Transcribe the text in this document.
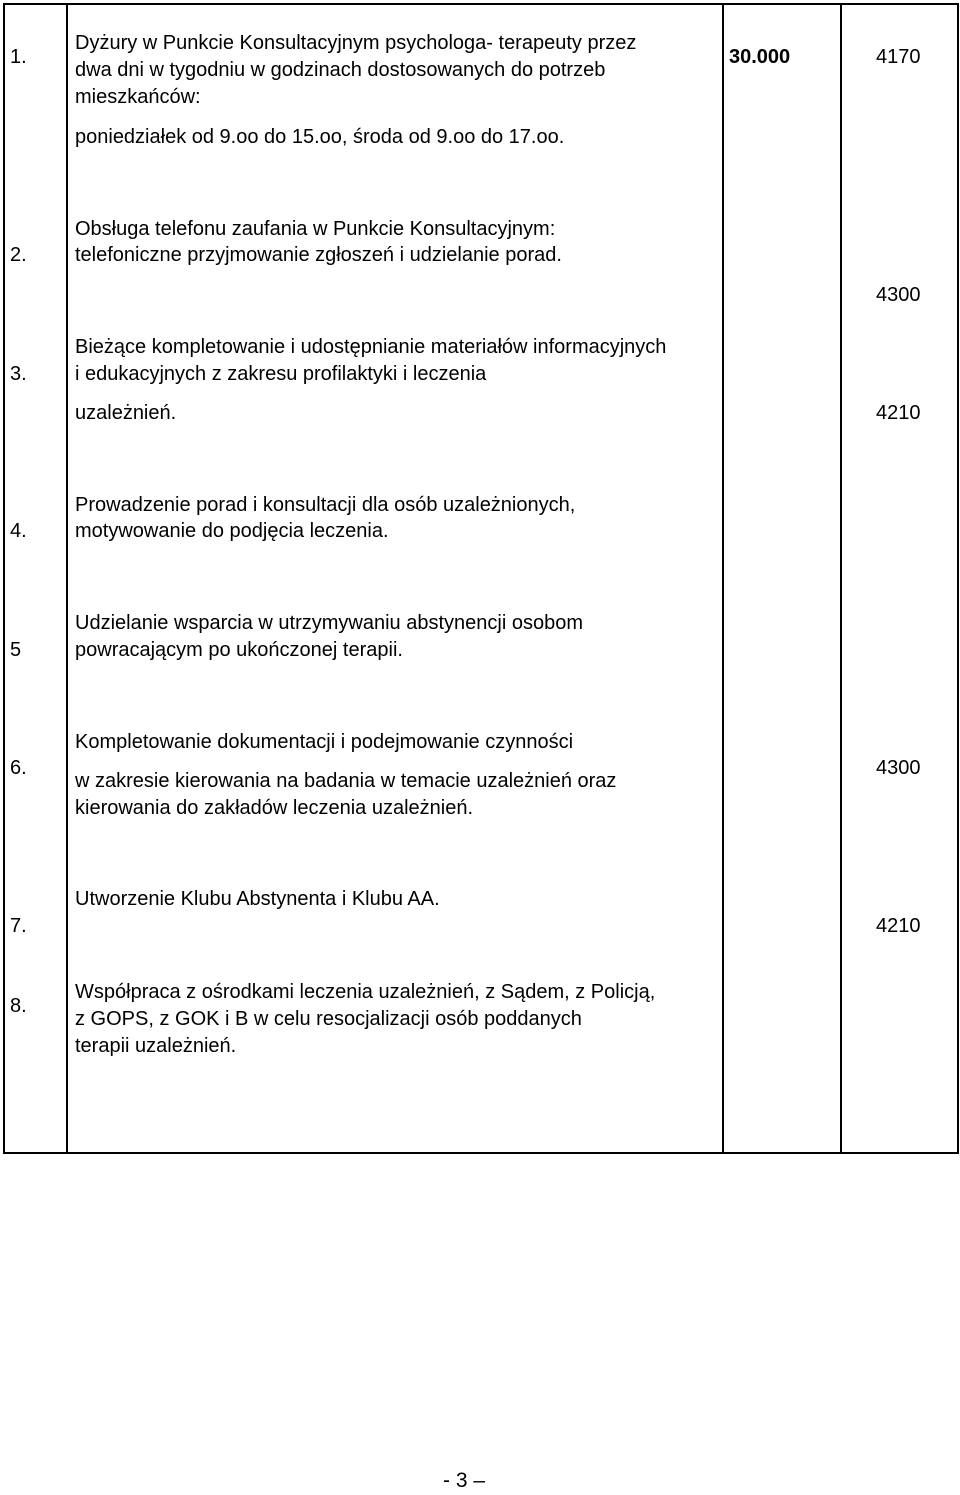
1.
Dyżury w Punkcie Konsultacyjnym psychologa- terapeuty przez
dwa dni w tygodniu w godzinach dostosowanych do potrzeb
mieszkańców:
poniedziałek od 9.oo do 15.oo, środa od 9.oo do 17.oo.
30.000	4170
2.
Obsługa telefonu zaufania w Punkcie Konsultacyjnym:
telefoniczne przyjmowanie zgłoszeń i udzielanie porad.
4300
3.
Bieżące kompletowanie i udostępnianie materiałów informacyjnych
i edukacyjnych z zakresu profilaktyki i leczenia
uzależnień.	4210
4.
Prowadzenie porad i konsultacji dla osób uzależnionych,
motywowanie do podjęcia leczenia.
5
Udzielanie wsparcia w utrzymywaniu abstynencji osobom
powracającym po ukończonej terapii.
6.
Kompletowanie dokumentacji i podejmowanie czynności
w zakresie kierowania na badania w temacie uzależnień oraz
kierowania do zakładów leczenia uzależnień.
4300
7.
Utworzenie Klubu Abstynenta i Klubu AA.
4210
8.
Współpraca z ośrodkami leczenia uzależnień, z Sądem, z Policją,
z GOPS, z GOK i B w celu resocjalizacji osób poddanych
terapii uzależnień.
- 3 –
